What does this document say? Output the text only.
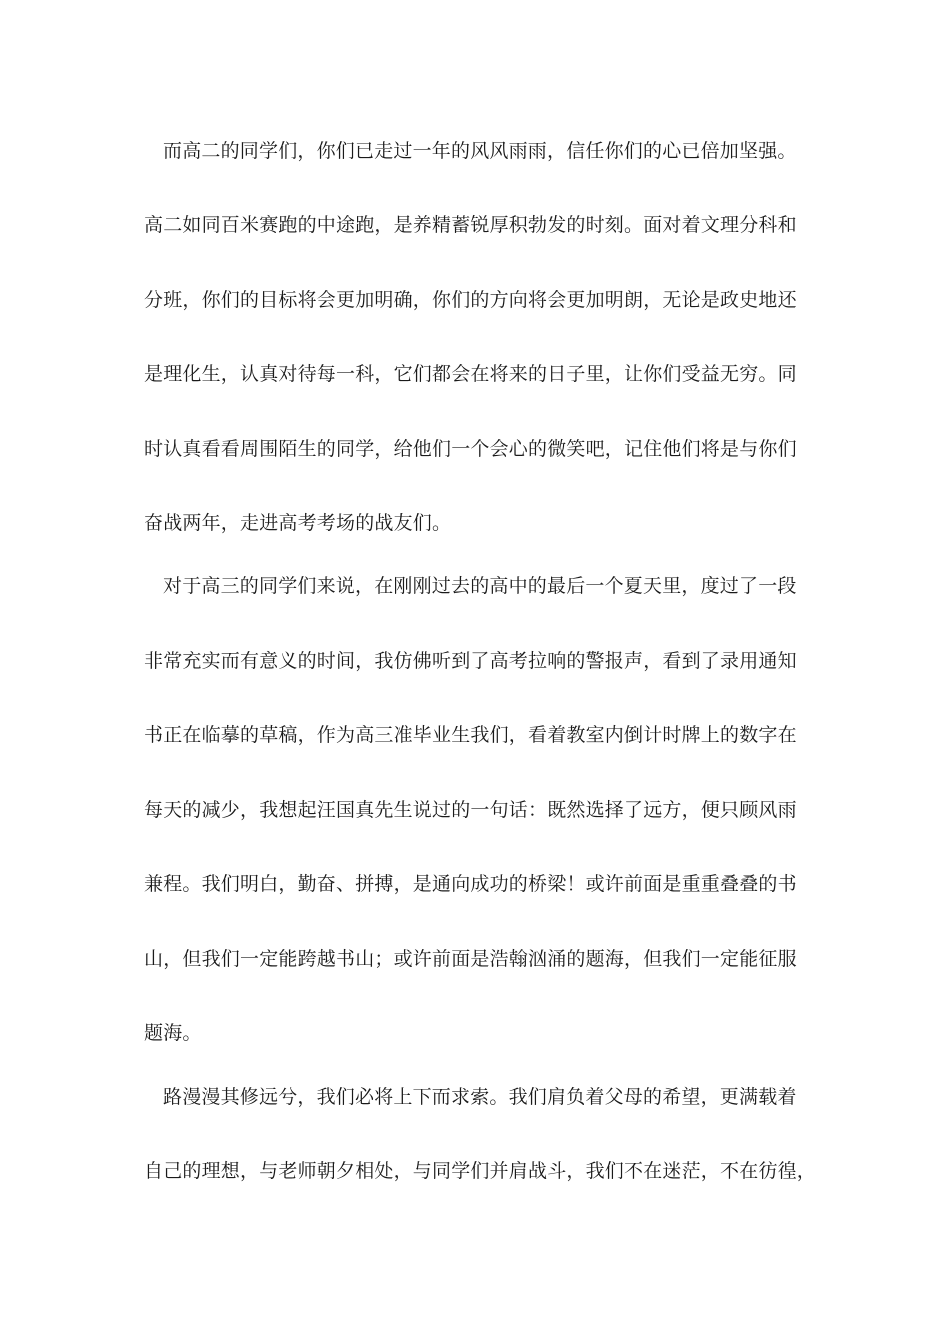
而高二的同学们，你们已走过一年的风风雨雨，信任你们的心已倍加坚强。

高二如同百米赛跑的中途跑，是养精蓄锐厚积勃发的时刻。面对着文理分科和

分班，你们的目标将会更加明确，你们的方向将会更加明朗，无论是政史地还

是理化生，认真对待每一科，它们都会在将来的日子里，让你们受益无穷。同

时认真看看周围陌生的同学，给他们一个会心的微笑吧，记住他们将是与你们

奋战两年，走进高考考场的战友们。

对于高三的同学们来说，在刚刚过去的高中的最后一个夏天里，度过了一段

非常充实而有意义的时间，我仿佛听到了高考拉响的警报声，看到了录用通知

书正在临摹的草稿，作为高三准毕业生我们，看着教室内倒计时牌上的数字在

每天的减少，我想起汪国真先生说过的一句话：既然选择了远方，便只顾风雨

兼程。我们明白，勤奋、拼搏，是通向成功的桥梁！或许前面是重重叠叠的书

山，但我们一定能跨越书山；或许前面是浩翰汹涌的题海，但我们一定能征服

题海。

路漫漫其修远兮，我们必将上下而求索。我们肩负着父母的希望，更满载着

自己的理想，与老师朝夕相处，与同学们并肩战斗，我们不在迷茫，不在彷徨，
